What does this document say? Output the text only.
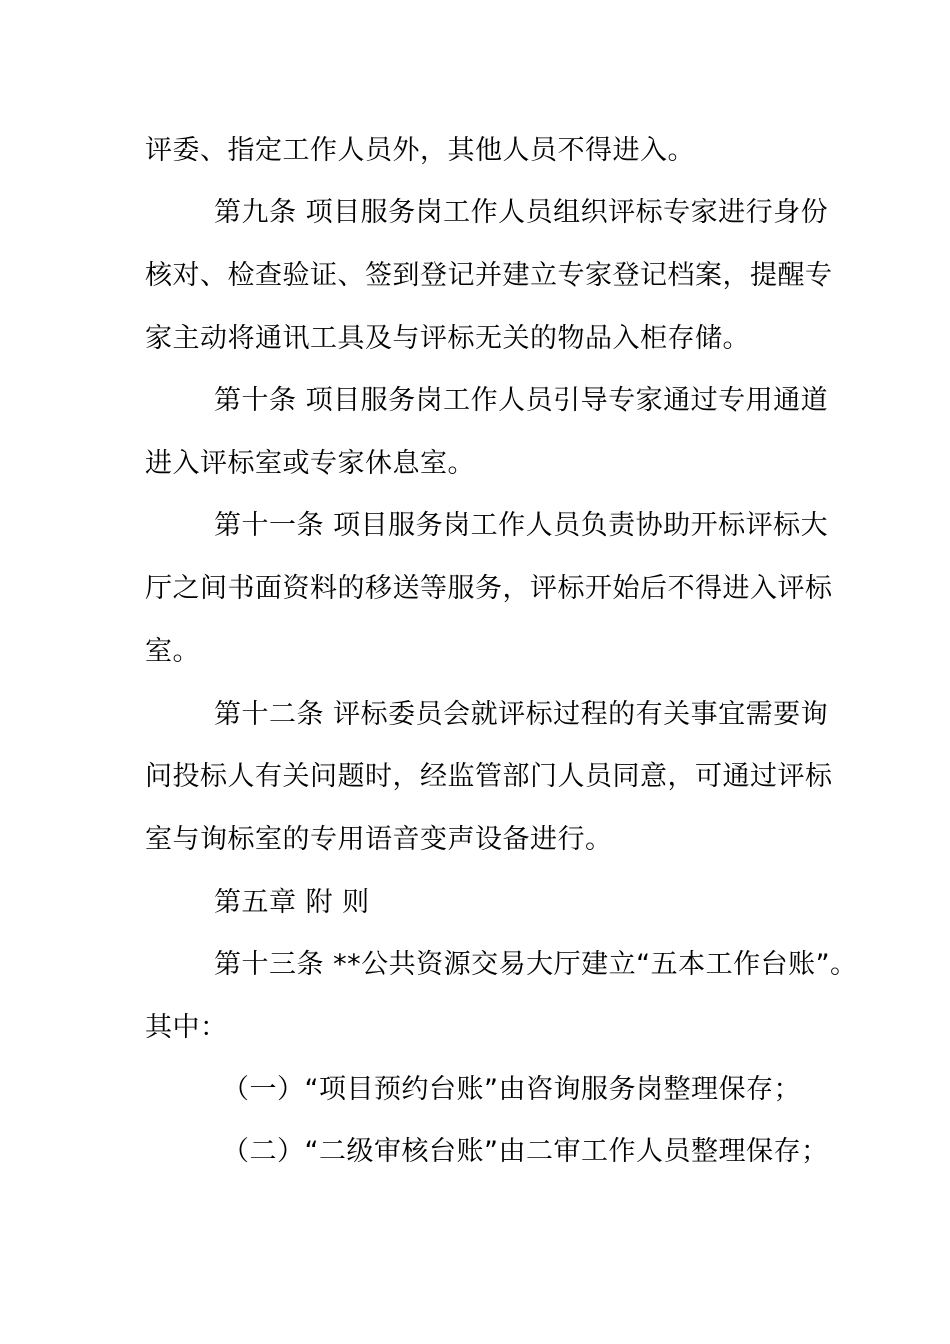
评委、指定工作人员外，其他人员不得进入。
第九条 项目服务岗工作人员组织评标专家进行身份
核对、检查验证、签到登记并建立专家登记档案，提醒专
家主动将通讯工具及与评标无关的物品入柜存储。
第十条 项目服务岗工作人员引导专家通过专用通道
进入评标室或专家休息室。
第十一条 项目服务岗工作人员负责协助开标评标大
厅之间书面资料的移送等服务，评标开始后不得进入评标
室。
第十二条 评标委员会就评标过程的有关事宜需要询
问投标人有关问题时，经监管部门人员同意，可通过评标
室与询标室的专用语音变声设备进行。
第五章 附 则
第十三条 **公共资源交易大厅建立“五本工作台账”。
其中：
（一）“项目预约台账”由咨询服务岗整理保存；
（二）“二级审核台账”由二审工作人员整理保存；
